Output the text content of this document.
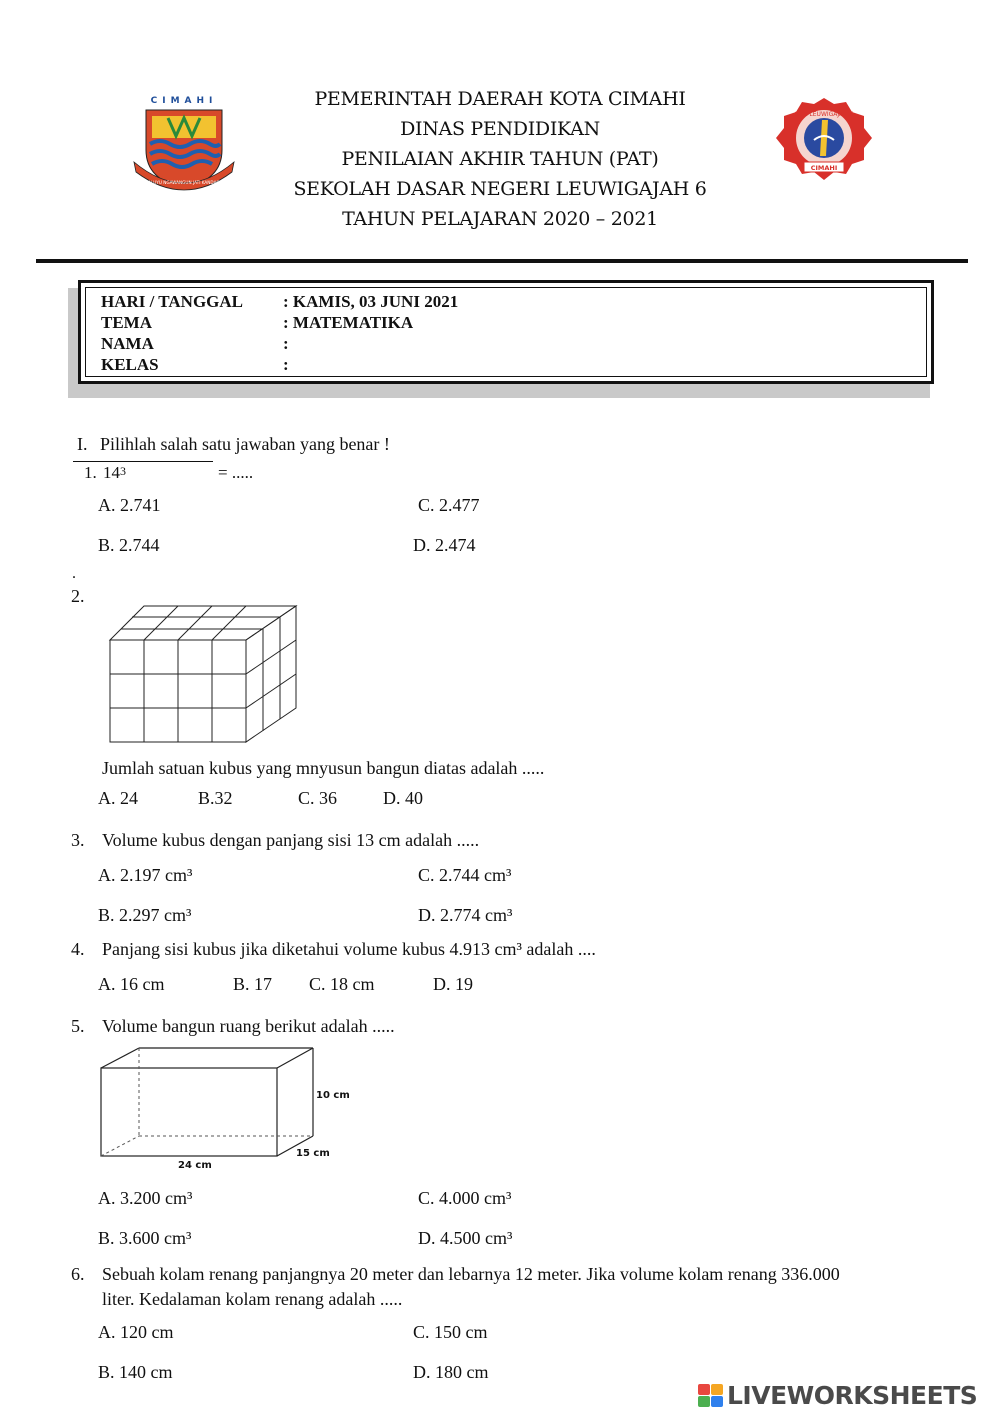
CIMAHI
SALUYU NGAWANGUN JATI KANDAGA
PEMERINTAH DAERAH KOTA CIMAHI
DINAS PENDIDIKAN
PENILAIAN AKHIR TAHUN (PAT)
SEKOLAH DASAR NEGERI LEUWIGAJAH 6
TAHUN PELAJARAN 2020 – 2021
SDN LEUWIGAJAH 6
CIMAHI
HARI / TANGGAL : KAMIS, 03 JUNI 2021
TEMA	: MATEMATIKA
NAMA	:
KELAS	:
I. Pilihlah salah satu jawaban yang benar !
1. $14^3$	= .....
A. 2.741	C. 2.477
B. 2.744	D. 2.474
.
2.
Jumlah satuan kubus yang mnyusun bangun diatas adalah .....
A. 24	B.32	C. 36	D. 40
3. Volume kubus dengan panjang sisi 13 cm adalah .....
A. 2.197 cm³	C. 2.744 cm³
B. 2.297 cm³	D. 2.774 cm³
4. Panjang sisi kubus jika diketahui volume kubus 4.913 cm³ adalah ....
A. 16 cm	B. 17 C. 18 cm	D. 19
5. Volume bangun ruang berikut adalah .....
10 cm
24 cm
15 cm
A. 3.200 cm³	C. 4.000 cm³
B. 3.600 cm³	D. 4.500 cm³
6. Sebuah kolam renang panjangnya 20 meter dan lebarnya 12 meter. Jika volume kolam renang 336.000
liter. Kedalaman kolam renang adalah .....
A. 120 cm	C. 150 cm
B. 140 cm	D. 180 cm
LIVEWORKSHEETS
